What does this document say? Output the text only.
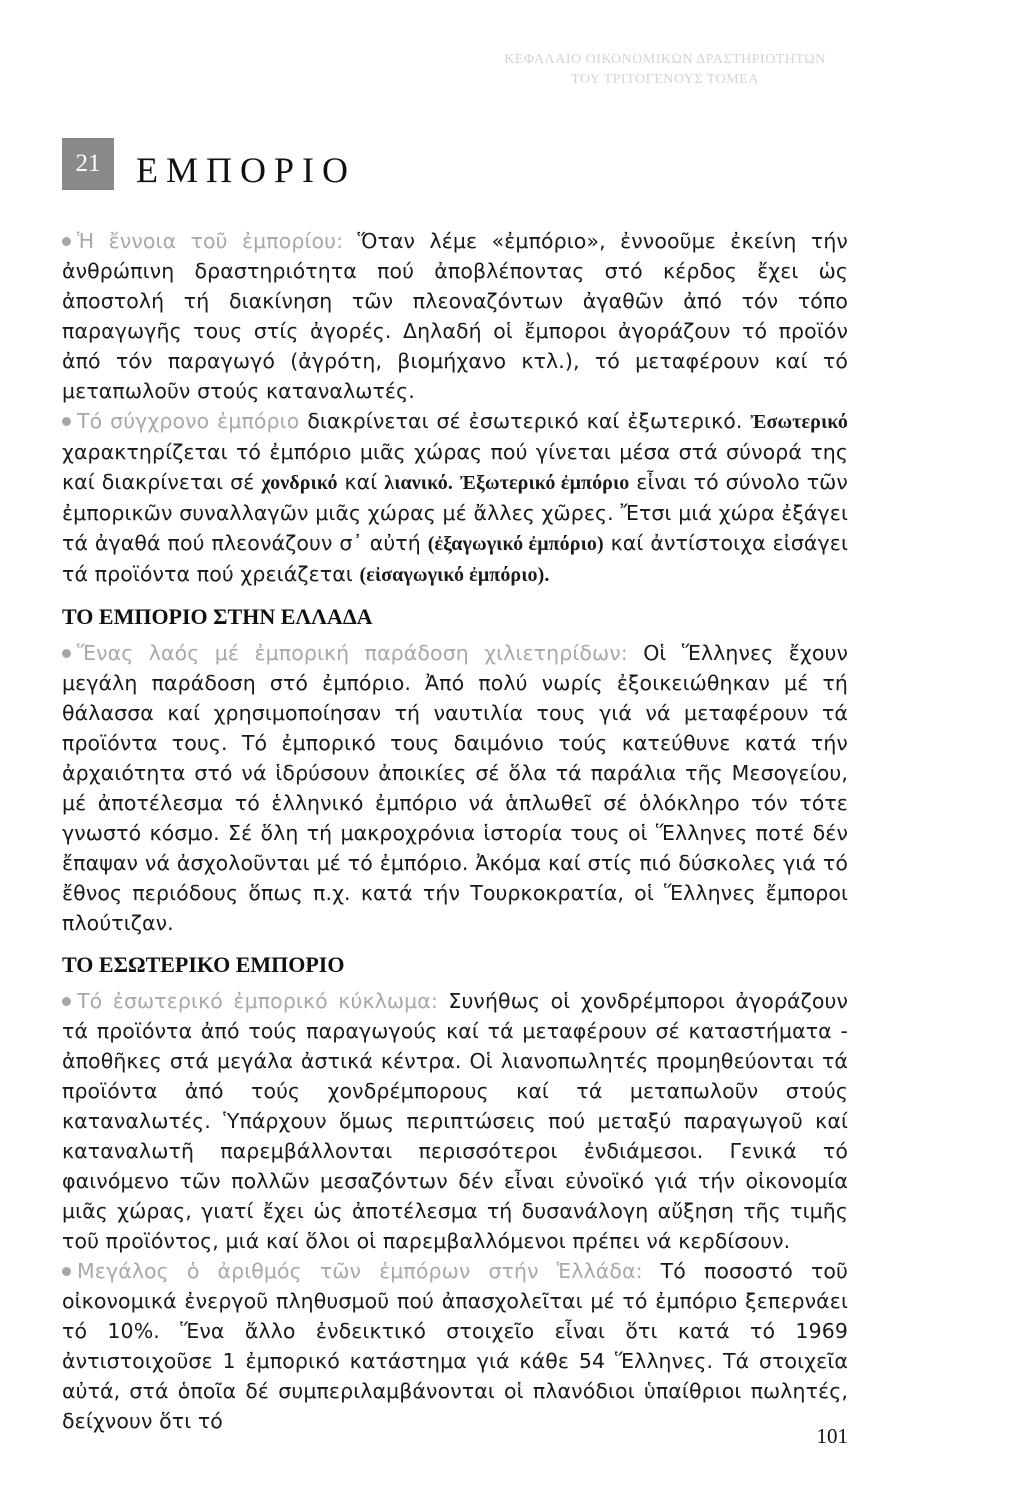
ΚΕΦΑΛΑΙΟ ΟΙΚΟΝΟΜΙΚΩΝ ΔΡΑΣΤΗΡΙΟΤΗΤΩΝ
ΤΟΥ ΤΡΙΤΟΓΕΝΟΥΣ ΤΟΜΕΑ
21 ΕΜΠΟΡΙΟ

Ἡ ἔννοια τοῦ ἐμπορίου: Ὅταν λέμε «ἐμπόριο», ἐννοοῦμε ἐκείνη τήν ἀνθρώπινη δραστηριότητα πού ἀποβλέποντας στό κέρδος ἔχει ὡς ἀποστολή τή διακίνηση τῶν πλεοναζόντων ἀγαθῶν ἀπό τόν τόπο παραγωγῆς τους στίς ἀγορές. Δηλαδή οἱ ἔμποροι ἀγοράζουν τό προϊόν ἀπό τόν παραγωγό (ἀγρότη, βιομήχανο κτλ.), τό μεταφέρουν καί τό μεταπωλοῦν στούς καταναλωτές.

Τό σύγχρονο ἐμπόριο διακρίνεται σέ ἐσωτερικό καί ἐξωτερικό. Ἐσωτερικό χαρακτηρίζεται τό ἐμπόριο μιᾶς χώρας πού γίνεται μέσα στά σύνορά της καί διακρίνεται σέ χονδρικό καί λιανικό. Ἐξωτερικό ἐμπόριο εἶναι τό σύνολο τῶν ἐμπορικῶν συναλλαγῶν μιᾶς χώρας μέ ἄλλες χῶρες. Ἔτσι μιά χώρα ἐξάγει τά ἀγαθά πού πλεονάζουν σ᾽ αὐτή (ἐξαγωγικό ἐμπόριο) καί ἀντίστοιχα εἰσάγει τά προϊόντα πού χρειάζεται (εἰσαγωγικό ἐμπόριο).

ΤΟ ΕΜΠΟΡΙΟ ΣΤΗΝ ΕΛΛΑΔΑ

Ἕνας λαός μέ ἐμπορική παράδοση χιλιετηρίδων: Οἱ Ἕλληνες ἔχουν μεγάλη παράδοση στό ἐμπόριο. Ἀπό πολύ νωρίς ἐξοικειώθηκαν μέ τή θάλασσα καί χρησιμοποίησαν τή ναυτιλία τους γιά νά μεταφέρουν τά προϊόντα τους. Τό ἐμπορικό τους δαιμόνιο τούς κατεύθυνε κατά τήν ἀρχαιότητα στό νά ἱδρύσουν ἀποικίες σέ ὅλα τά παράλια τῆς Μεσογείου, μέ ἀποτέλεσμα τό ἑλληνικό ἐμπόριο νά ἁπλωθεῖ σέ ὁλόκληρο τόν τότε γνωστό κόσμο. Σέ ὅλη τή μακροχρόνια ἱστορία τους οἱ Ἕλληνες ποτέ δέν ἔπαψαν νά ἀσχολοῦνται μέ τό ἐμπόριο. Ἀκόμα καί στίς πιό δύσκολες γιά τό ἔθνος περιόδους ὅπως π.χ. κατά τήν Τουρκοκρατία, οἱ Ἕλληνες ἔμποροι πλούτιζαν.

ΤΟ ΕΣΩΤΕΡΙΚΟ ΕΜΠΟΡΙΟ

Τό ἐσωτερικό ἐμπορικό κύκλωμα: Συνήθως οἱ χονδρέμποροι ἀγοράζουν τά προϊόντα ἀπό τούς παραγωγούς καί τά μεταφέρουν σέ καταστήματα - ἀποθῆκες στά μεγάλα ἀστικά κέντρα. Οἱ λιανοπωλητές προμηθεύονται τά προϊόντα ἀπό τούς χονδρέμπορους καί τά μεταπωλοῦν στούς καταναλωτές. Ὑπάρχουν ὅμως περιπτώσεις πού μεταξύ παραγωγοῦ καί καταναλωτῆ παρεμβάλλονται περισσότεροι ἐνδιάμεσοι. Γενικά τό φαινόμενο τῶν πολλῶν μεσαζόντων δέν εἶναι εὐνοϊκό γιά τήν οἰκονομία μιᾶς χώρας, γιατί ἔχει ὡς ἀποτέλεσμα τή δυσανάλογη αὔξηση τῆς τιμῆς τοῦ προϊόντος, μιά καί ὅλοι οἱ παρεμβαλλόμενοι πρέπει νά κερδίσουν.

Μεγάλος ὁ ἀριθμός τῶν ἐμπόρων στήν Ἑλλάδα: Τό ποσοστό τοῦ οἰκονομικά ἐνεργοῦ πληθυσμοῦ πού ἀπασχολεῖται μέ τό ἐμπόριο ξεπερνάει τό 10%. Ἕνα ἄλλο ἐνδεικτικό στοιχεῖο εἶναι ὅτι κατά τό 1969 ἀντιστοιχοῦσε 1 ἐμπορικό κατάστημα γιά κάθε 54 Ἕλληνες. Τά στοιχεῖα αὐτά, στά ὁποῖα δέ συμπεριλαμβάνονται οἱ πλανόδιοι ὑπαίθριοι πωλητές, δείχνουν ὅτι τό

101
